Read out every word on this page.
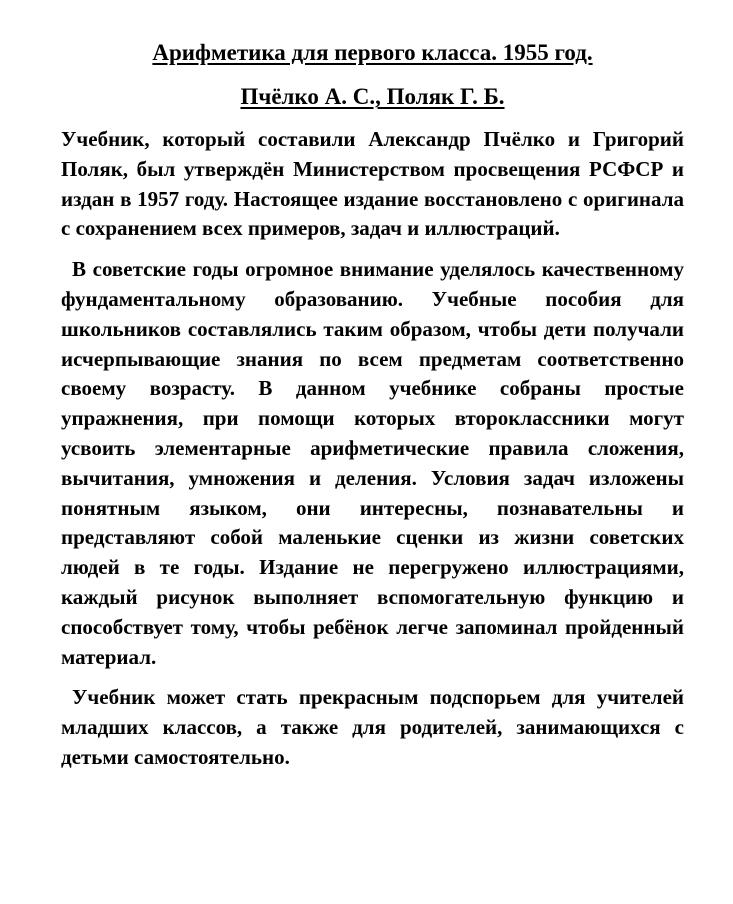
Арифметика для первого класса. 1955 год.
Пчёлко А. С., Поляк Г. Б.

Учебник, который составили Александр Пчёлко и Григорий Поляк, был утверждён Министерством просвещения РСФСР и издан в 1957 году. Настоящее издание восстановлено с оригинала с сохранением всех примеров, задач и иллюстраций.

В советские годы огромное внимание уделялось качественному фундаментальному образованию. Учебные пособия для школьников составлялись таким образом, чтобы дети получали исчерпывающие знания по всем предметам соответственно своему возрасту. В данном учебнике собраны простые упражнения, при помощи которых второклассники могут усвоить элементарные арифметические правила сложения, вычитания, умножения и деления. Условия задач изложены понятным языком, они интересны, познавательны и представляют собой маленькие сценки из жизни советских людей в те годы. Издание не перегружено иллюстрациями, каждый рисунок выполняет вспомогательную функцию и способствует тому, чтобы ребёнок легче запоминал пройденный материал.

Учебник может стать прекрасным подспорьем для учителей младших классов, а также для родителей, занимающихся с детьми самостоятельно.
